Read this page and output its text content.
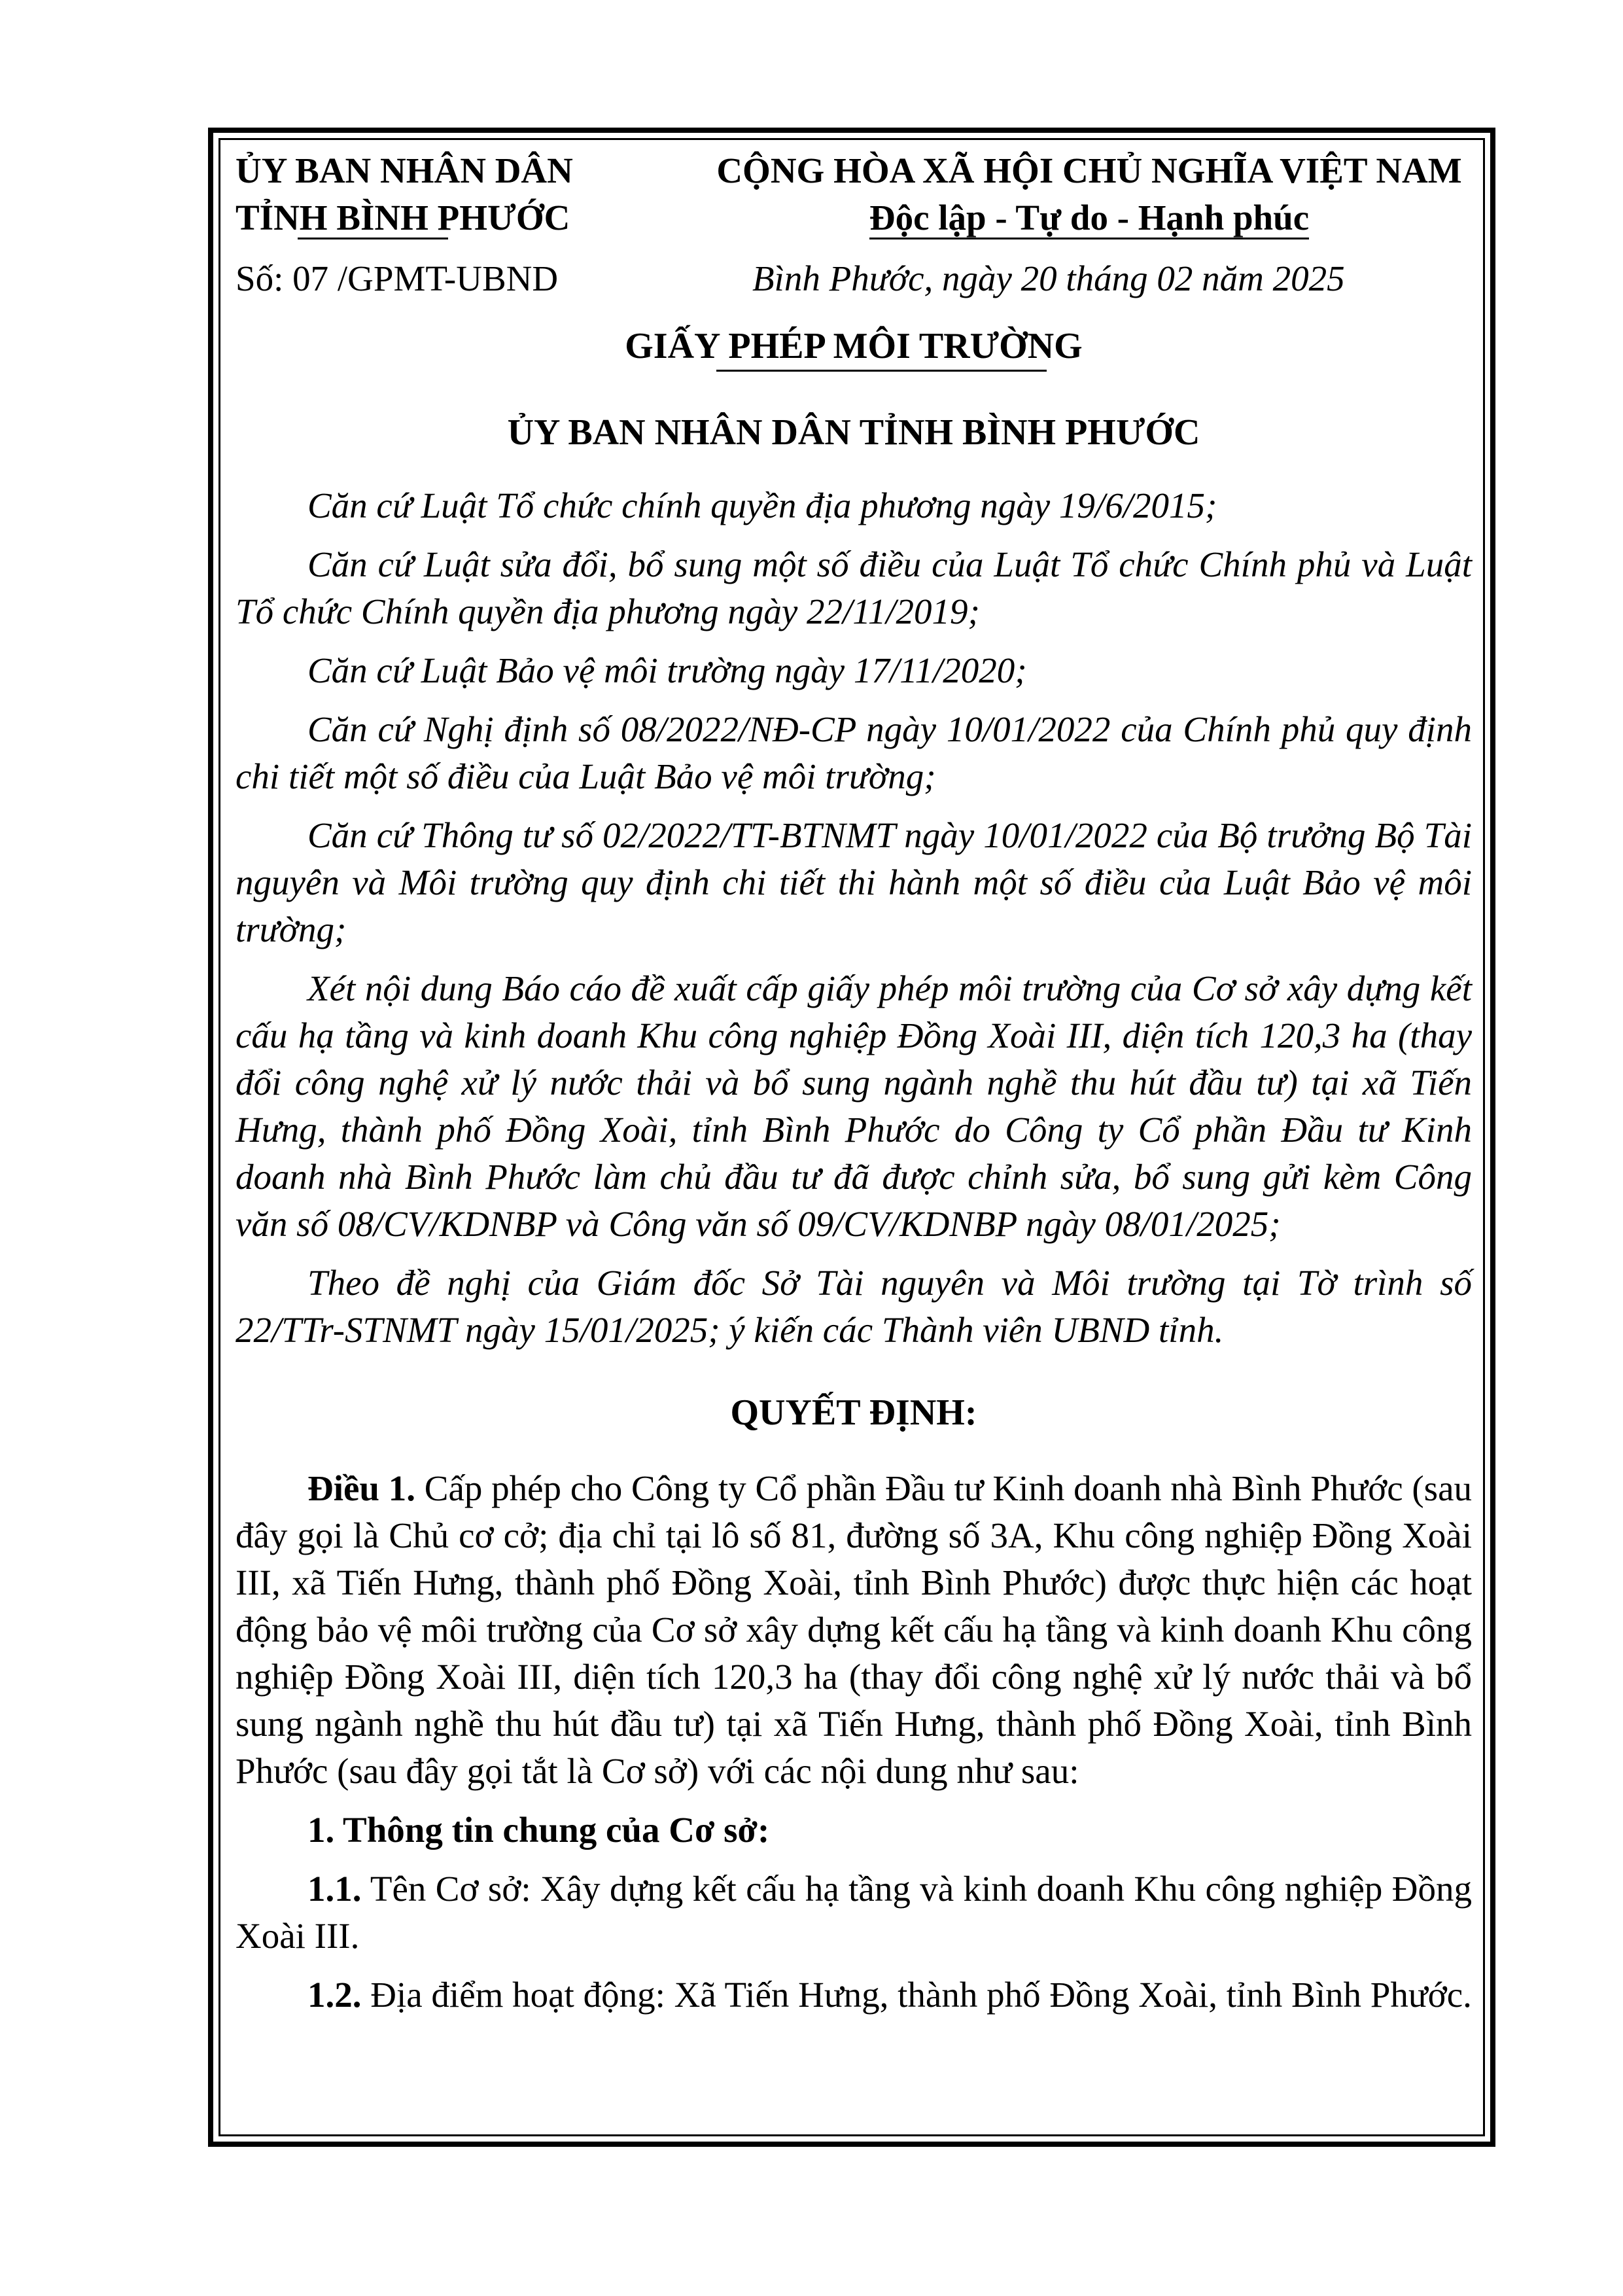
ỦY BAN NHÂN DÂN
TỈNH BÌNH PHƯỚC
CỘNG HÒA XÃ HỘI CHỦ NGHĨA VIỆT NAM
Độc lập - Tự do - Hạnh phúc
Số: 07 /GPMT-UBND	Bình Phước, ngày 20 tháng 02 năm 2025
GIẤY PHÉP MÔI TRƯỜNG
ỦY BAN NHÂN DÂN TỈNH BÌNH PHƯỚC

Căn cứ Luật Tổ chức chính quyền địa phương ngày 19/6/2015;

Căn cứ Luật sửa đổi, bổ sung một số điều của Luật Tổ chức Chính phủ và Luật Tổ chức Chính quyền địa phương ngày 22/11/2019;

Căn cứ Luật Bảo vệ môi trường ngày 17/11/2020;

Căn cứ Nghị định số 08/2022/NĐ-CP ngày 10/01/2022 của Chính phủ quy định chi tiết một số điều của Luật Bảo vệ môi trường;

Căn cứ Thông tư số 02/2022/TT-BTNMT ngày 10/01/2022 của Bộ trưởng Bộ Tài nguyên và Môi trường quy định chi tiết thi hành một số điều của Luật Bảo vệ môi trường;

Xét nội dung Báo cáo đề xuất cấp giấy phép môi trường của Cơ sở xây dựng kết cấu hạ tầng và kinh doanh Khu công nghiệp Đồng Xoài III, diện tích 120,3 ha (thay đổi công nghệ xử lý nước thải và bổ sung ngành nghề thu hút đầu tư) tại xã Tiến Hưng, thành phố Đồng Xoài, tỉnh Bình Phước do Công ty Cổ phần Đầu tư Kinh doanh nhà Bình Phước làm chủ đầu tư đã được chỉnh sửa, bổ sung gửi kèm Công văn số 08/CV/KDNBP và Công văn số 09/CV/KDNBP ngày 08/01/2025;

Theo đề nghị của Giám đốc Sở Tài nguyên và Môi trường tại Tờ trình số 22/TTr-STNMT ngày 15/01/2025; ý kiến các Thành viên UBND tỉnh.

QUYẾT ĐỊNH:

Điều 1. Cấp phép cho Công ty Cổ phần Đầu tư Kinh doanh nhà Bình Phước (sau đây gọi là Chủ cơ cở; địa chỉ tại lô số 81, đường số 3A, Khu công nghiệp Đồng Xoài III, xã Tiến Hưng, thành phố Đồng Xoài, tỉnh Bình Phước) được thực hiện các hoạt động bảo vệ môi trường của Cơ sở xây dựng kết cấu hạ tầng và kinh doanh Khu công nghiệp Đồng Xoài III, diện tích 120,3 ha (thay đổi công nghệ xử lý nước thải và bổ sung ngành nghề thu hút đầu tư) tại xã Tiến Hưng, thành phố Đồng Xoài, tỉnh Bình Phước (sau đây gọi tắt là Cơ sở) với các nội dung như sau:

1. Thông tin chung của Cơ sở:

1.1. Tên Cơ sở: Xây dựng kết cấu hạ tầng và kinh doanh Khu công nghiệp Đồng Xoài III.

1.2. Địa điểm hoạt động: Xã Tiến Hưng, thành phố Đồng Xoài, tỉnh Bình Phước.
